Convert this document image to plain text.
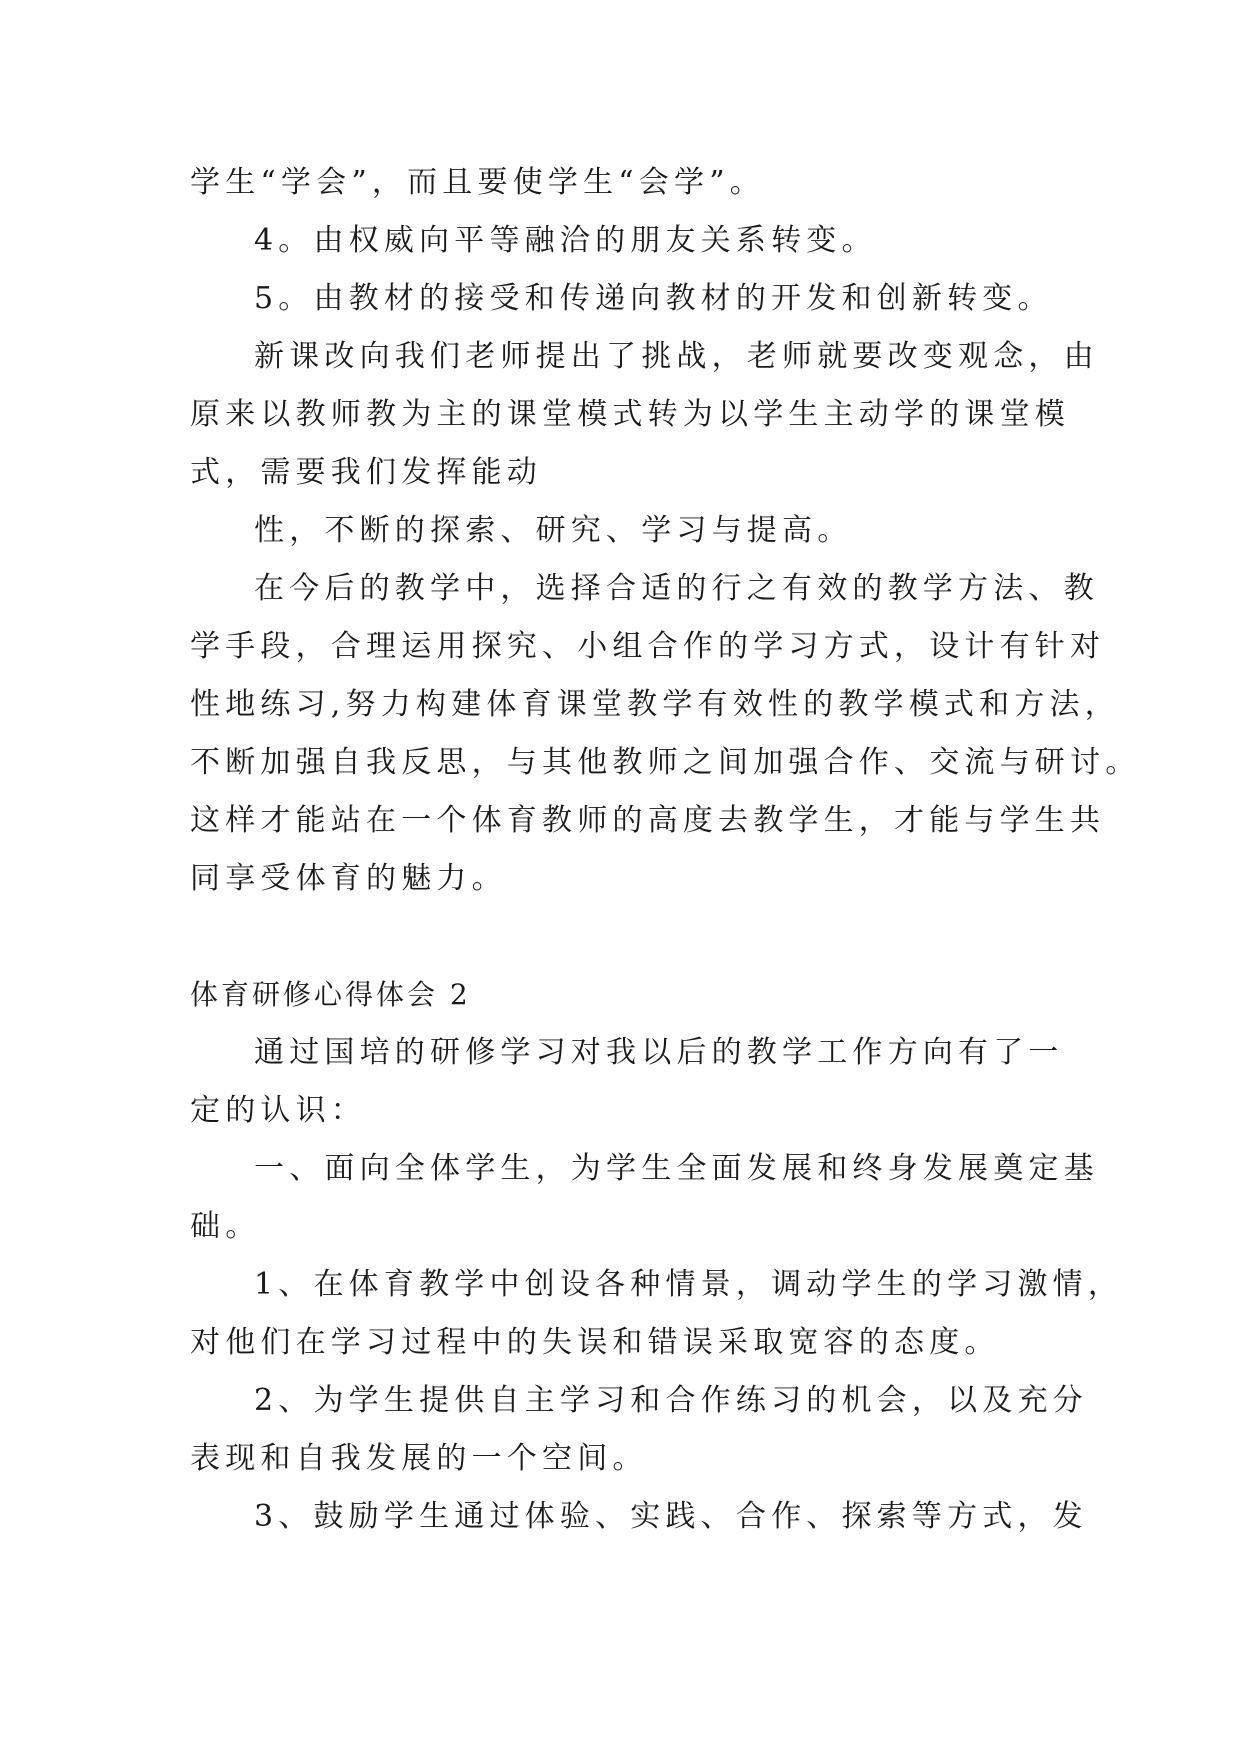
学生“学会”，而且要使学生“会学”。
4。由权威向平等融洽的朋友关系转变。
5。由教材的接受和传递向教材的开发和创新转变。
新课改向我们老师提出了挑战，老师就要改变观念，由
原来以教师教为主的课堂模式转为以学生主动学的课堂模
式，需要我们发挥能动
性，不断的探索、研究、学习与提高。
在今后的教学中，选择合适的行之有效的教学方法、教
学手段，合理运用探究、小组合作的学习方式，设计有针对
性地练习,努力构建体育课堂教学有效性的教学模式和方法，
不断加强自我反思，与其他教师之间加强合作、交流与研讨。
这样才能站在一个体育教师的高度去教学生，才能与学生共
同享受体育的魅力。
体育研修心得体会 2
通过国培的研修学习对我以后的教学工作方向有了一
定的认识：
一、面向全体学生，为学生全面发展和终身发展奠定基
础。
1、在体育教学中创设各种情景，调动学生的学习激情，
对他们在学习过程中的失误和错误采取宽容的态度。
2、为学生提供自主学习和合作练习的机会，以及充分
表现和自我发展的一个空间。
3、鼓励学生通过体验、实践、合作、探索等方式，发
